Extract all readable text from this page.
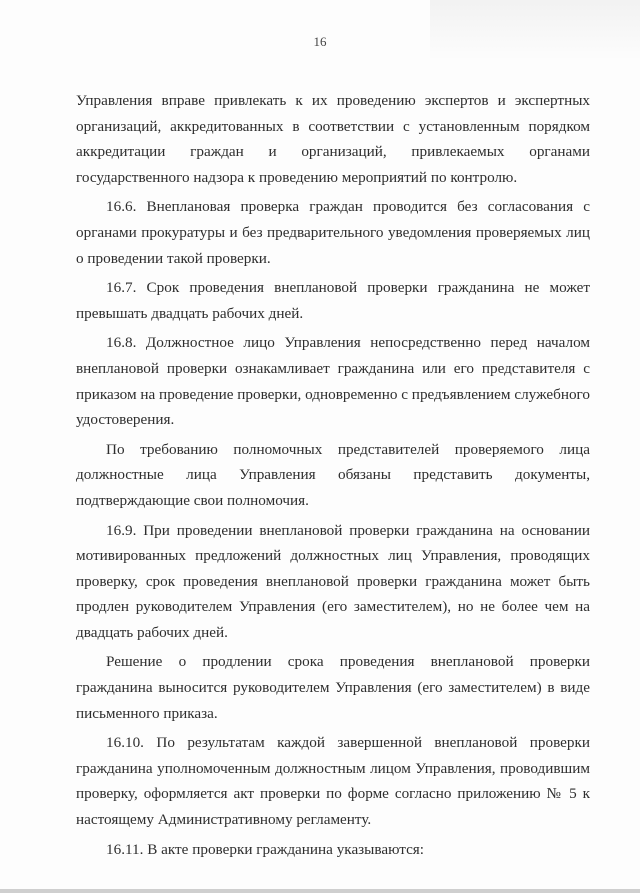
16

Управления вправе привлекать к их проведению экспертов и экспертных организаций, аккредитованных в соответствии с установленным порядком аккредитации граждан и организаций, привлекаемых органами государственного надзора к проведению мероприятий по контролю.

16.6. Внеплановая проверка граждан проводится без согласования с органами прокуратуры и без предварительного уведомления проверяемых лиц о проведении такой проверки.

16.7. Срок проведения внеплановой проверки гражданина не может превышать двадцать рабочих дней.

16.8. Должностное лицо Управления непосредственно перед началом внеплановой проверки ознакамливает гражданина или его представителя с приказом на проведение проверки, одновременно с предъявлением служебного удостоверения.

По требованию полномочных представителей проверяемого лица должностные лица Управления обязаны представить документы, подтверждающие свои полномочия.

16.9. При проведении внеплановой проверки гражданина на основании мотивированных предложений должностных лиц Управления, проводящих проверку, срок проведения внеплановой проверки гражданина может быть продлен руководителем Управления (его заместителем), но не более чем на двадцать рабочих дней.

Решение о продлении срока проведения внеплановой проверки гражданина выносится руководителем Управления (его заместителем) в виде письменного приказа.

16.10. По результатам каждой завершенной внеплановой проверки гражданина уполномоченным должностным лицом Управления, проводившим проверку, оформляется акт проверки по форме согласно приложению № 5 к настоящему Административному регламенту.

16.11. В акте проверки гражданина указываются:
